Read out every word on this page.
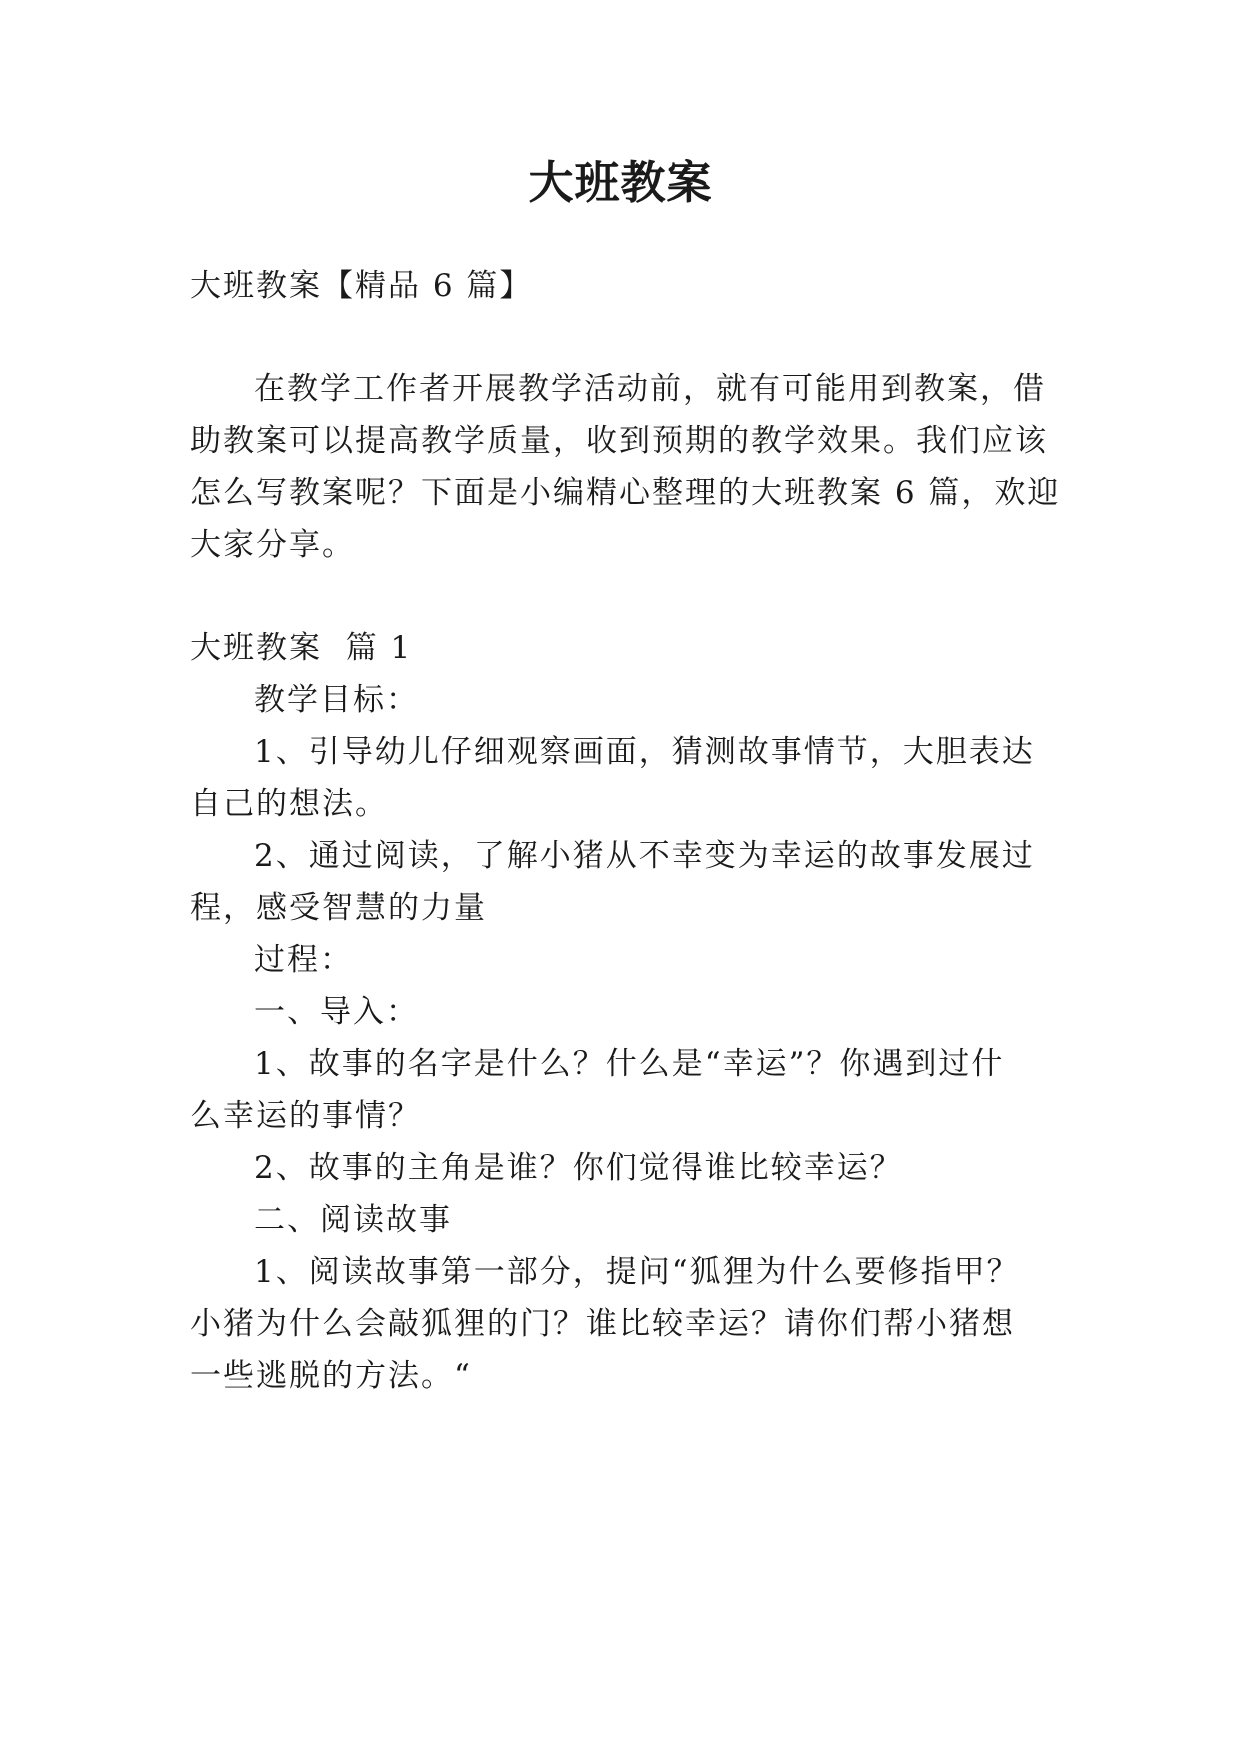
大班教案
大班教案【精品 6 篇】
在教学工作者开展教学活动前，就有可能用到教案，借
助教案可以提高教学质量，收到预期的教学效果。我们应该
怎么写教案呢？下面是小编精心整理的大班教案 6 篇，欢迎
大家分享。
大班教案  篇 1
教学目标：
1、引导幼儿仔细观察画面，猜测故事情节，大胆表达
自己的想法。
2、通过阅读，了解小猪从不幸变为幸运的故事发展过
程，感受智慧的力量
过程：
一、导入：
1、故事的名字是什么？什么是“幸运”？你遇到过什
么幸运的事情？
2、故事的主角是谁？你们觉得谁比较幸运？
二、阅读故事
1、阅读故事第一部分，提问“狐狸为什么要修指甲？
小猪为什么会敲狐狸的门？谁比较幸运？请你们帮小猪想
一些逃脱的方法。“
